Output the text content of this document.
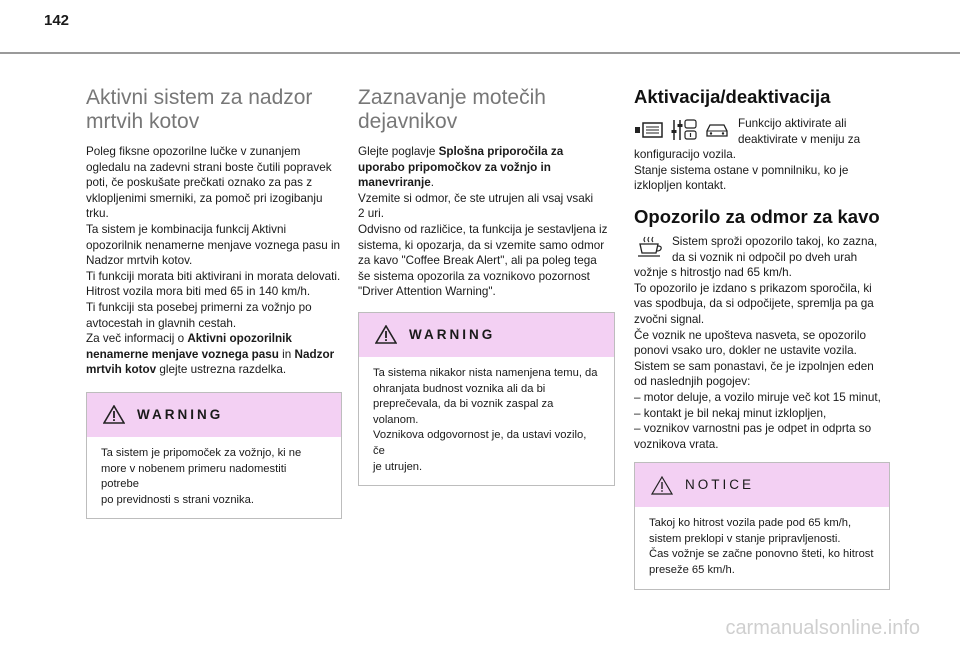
142
Aktivni sistem za nadzor
mrtvih kotov

Poleg fiksne opozorilne lučke v zunanjem

ogledalu na zadevni strani boste čutili popravek

poti, če poskušate prečkati oznako za pas z

vklopljenimi smerniki, za pomoč pri izogibanju

trku.

Ta sistem je kombinacija funkcij Aktivni

opozorilnik nenamerne menjave voznega pasu in

Nadzor mrtvih kotov.

Ti funkciji morata biti aktivirani in morata delovati.

Hitrost vozila mora biti med 65 in 140 km/h.

Ti funkciji sta posebej primerni za vožnjo po

avtocestah in glavnih cestah.

Za več informacij o Aktivni opozorilnik

nenamerne menjave voznega pasu in Nadzor

mrtvih kotov glejte ustrezna razdelka.

WARNING

Ta sistem je pripomoček za vožnjo, ki ne

more v nobenem primeru nadomestiti potrebe

po previdnosti s strani voznika.

Zaznavanje motečih
dejavnikov

Glejte poglavje Splošna priporočila za

uporabo pripomočkov za vožnjo in

manevriranje.

Vzemite si odmor, če ste utrujen ali vsaj vsaki

2 uri.

Odvisno od različice, ta funkcija je sestavljena iz

sistema, ki opozarja, da si vzemite samo odmor

za kavo "Coffee Break Alert", ali pa poleg tega

še sistema opozorila za voznikovo pozornost

"Driver Attention Warning".

WARNING

Ta sistema nikakor nista namenjena temu, da

ohranjata budnost voznika ali da bi

preprečevala, da bi voznik zaspal za

volanom.

Voznikova odgovornost je, da ustavi vozilo, če

je utrujen.

Aktivacija/deaktivacija

Funkcijo aktivirate ali

deaktivirate v meniju za

konfiguracijo vozila.

Stanje sistema ostane v pomnilniku, ko je

izklopljen kontakt.

Opozorilo za odmor za kavo

Sistem sproži opozorilo takoj, ko zazna,

da si voznik ni odpočil po dveh urah

vožnje s hitrostjo nad 65 km/h.

To opozorilo je izdano s prikazom sporočila, ki

vas spodbuja, da si odpočijete, spremlja pa ga

zvočni signal.

Če voznik ne upošteva nasveta, se opozorilo

ponovi vsako uro, dokler ne ustavite vozila.

Sistem se sam ponastavi, če je izpolnjen eden

od naslednjih pogojev:

– motor deluje, a vozilo miruje več kot 15 minut,

– kontakt je bil nekaj minut izklopljen,

– voznikov varnostni pas je odpet in odprta so

voznikova vrata.

NOTICE

Takoj ko hitrost vozila pade pod 65 km/h,

sistem preklopi v stanje pripravljenosti.

Čas vožnje se začne ponovno šteti, ko hitrost

preseže 65 km/h.

carmanualsonline.info
